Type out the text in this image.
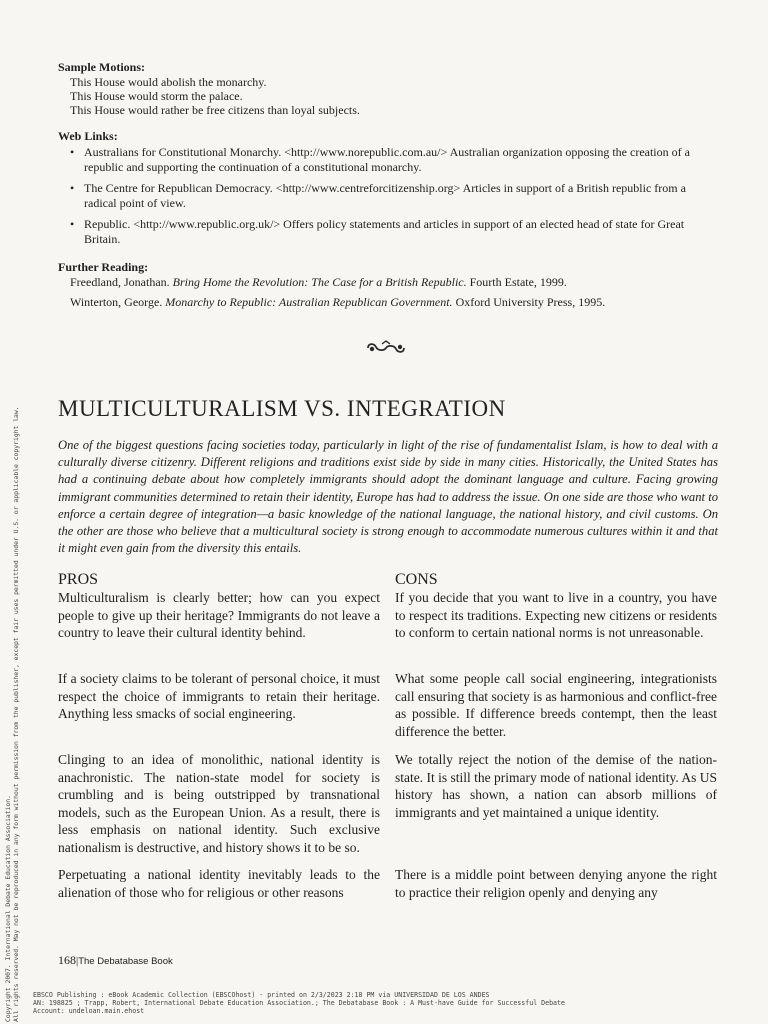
Sample Motions:
This House would abolish the monarchy.
This House would storm the palace.
This House would rather be free citizens than loyal subjects.
Web Links:
• Australians for Constitutional Monarchy. <http://www.norepublic.com.au/> Australian organization opposing the creation of a republic and supporting the continuation of a constitutional monarchy.
• The Centre for Republican Democracy. <http://www.centreforcitizenship.org> Articles in support of a British republic from a radical point of view.
• Republic. <http://www.republic.org.uk/> Offers policy statements and articles in support of an elected head of state for Great Britain.
Further Reading:
Freedland, Jonathan. Bring Home the Revolution: The Case for a British Republic. Fourth Estate, 1999.
Winterton, George. Monarchy to Republic: Australian Republican Government. Oxford University Press, 1995.
MULTICULTURALISM VS. INTEGRATION
One of the biggest questions facing societies today, particularly in light of the rise of fundamentalist Islam, is how to deal with a culturally diverse citizenry. Different religions and traditions exist side by side in many cities. Historically, the United States has had a continuing debate about how completely immigrants should adopt the dominant language and culture. Facing growing immigrant communities determined to retain their identity, Europe has had to address the issue. On one side are those who want to enforce a certain degree of integration—a basic knowledge of the national language, the national history, and civil customs. On the other are those who believe that a multicultural society is strong enough to accommodate numerous cultures within it and that it might even gain from the diversity this entails.
PROS
Multiculturalism is clearly better; how can you expect people to give up their heritage? Immigrants do not leave a country to leave their cultural identity behind.
If a society claims to be tolerant of personal choice, it must respect the choice of immigrants to retain their heritage. Anything less smacks of social engineering.
Clinging to an idea of monolithic, national identity is anachronistic. The nation-state model for society is crumbling and is being outstripped by transnational models, such as the European Union. As a result, there is less emphasis on national identity. Such exclusive nationalism is destructive, and history shows it to be so.
Perpetuating a national identity inevitably leads to the alienation of those who for religious or other reasons
CONS
If you decide that you want to live in a country, you have to respect its traditions. Expecting new citizens or residents to conform to certain national norms is not unreasonable.
What some people call social engineering, integrationists call ensuring that society is as harmonious and conflict-free as possible. If difference breeds contempt, then the least difference the better.
We totally reject the notion of the demise of the nation-state. It is still the primary mode of national identity. As US history has shown, a nation can absorb millions of immigrants and yet maintained a unique identity.
There is a middle point between denying anyone the right to practice their religion openly and denying any
168|The Debatabase Book
Copyright 2007. International Debate Education Association. All rights reserved. May not be reproduced in any form without permission from the publisher, except fair uses permitted under U.S. or applicable copyright law. EBSCO Publishing : eBook Academic Collection (EBSCOhost) - printed on 2/3/2023 2:18 PM via UNIVERSIDAD DE LOS ANDES
AN: 198825 ; Trapp, Robert, International Debate Education Association.; The Debatabase Book : A Must-have Guide for Successful Debate
Account: undeloan.main.ehost
